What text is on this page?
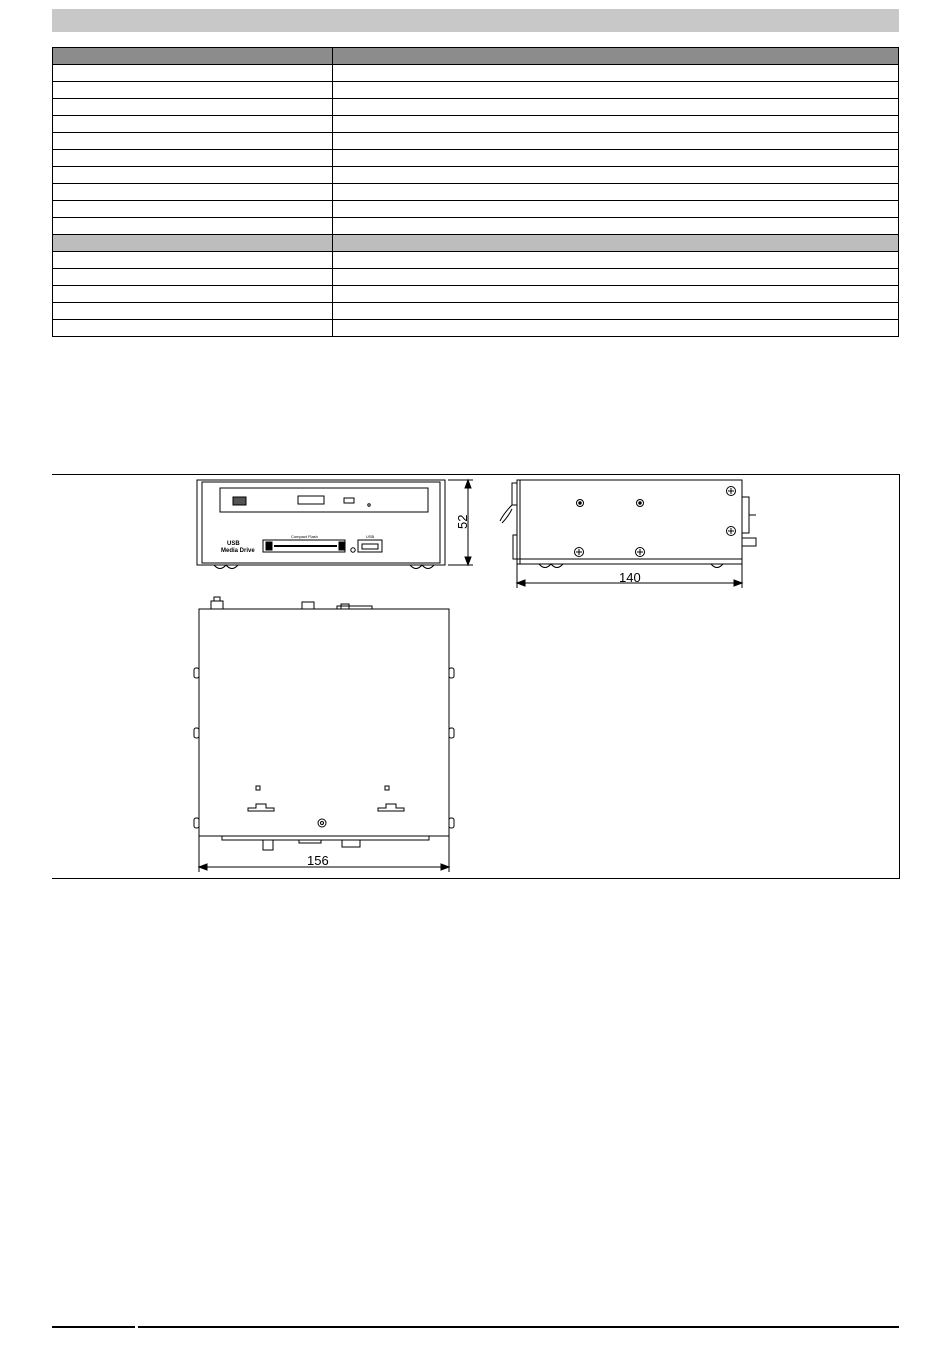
USB
Media Drive
Compact Flash	USB
52
140
156
